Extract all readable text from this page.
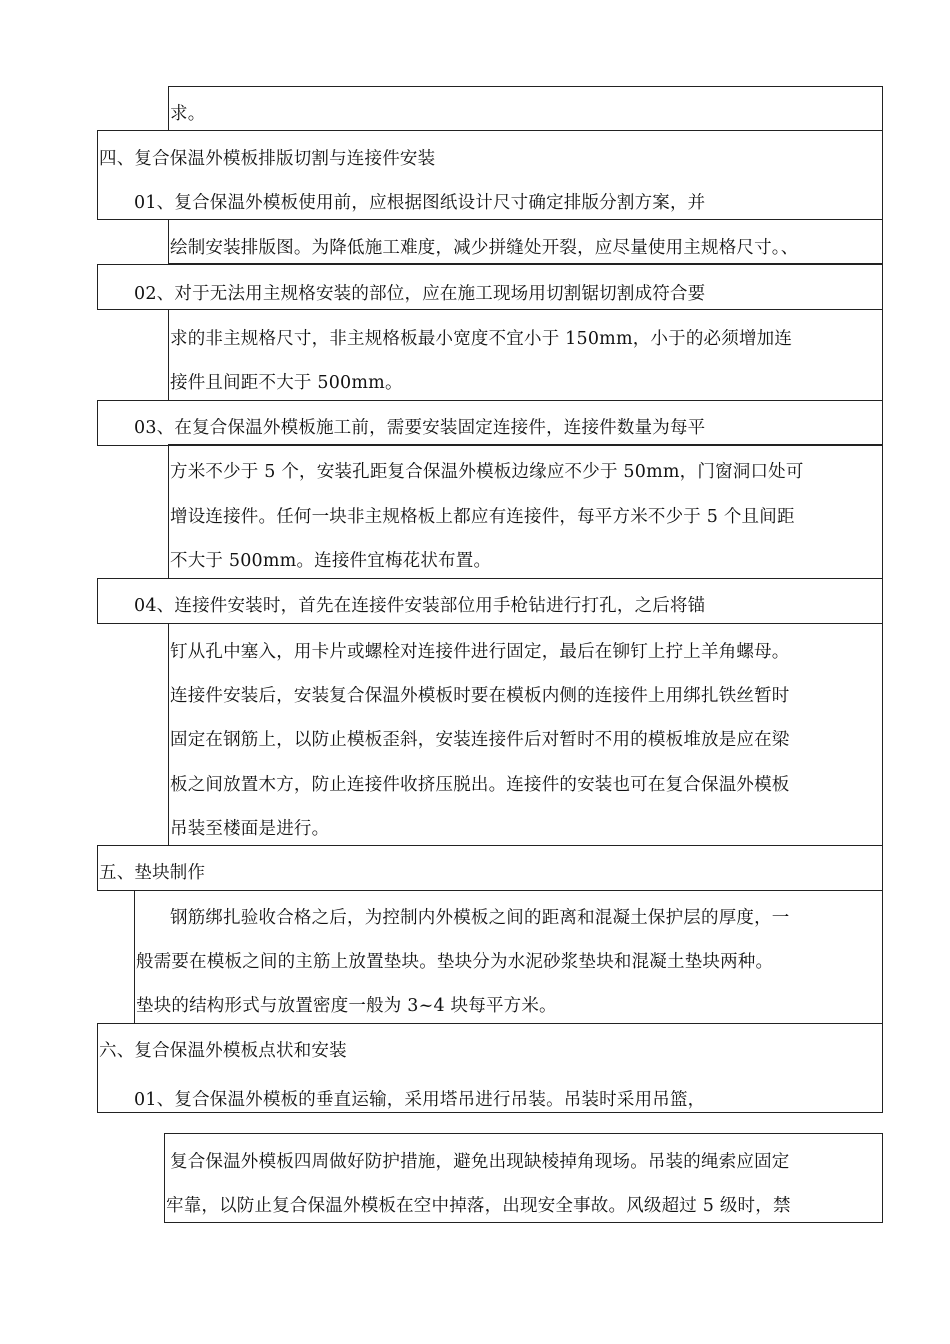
求。
四、复合保温外模板排版切割与连接件安装
01、复合保温外模板使用前，应根据图纸设计尺寸确定排版分割方案，并
绘制安装排版图。为降低施工难度，减少拼缝处开裂，应尽量使用主规格尺寸。、
02、对于无法用主规格安装的部位，应在施工现场用切割锯切割成符合要
求的非主规格尺寸，非主规格板最小宽度不宜小于 150mm，小于的必须增加连
接件且间距不大于 500mm。
03、在复合保温外模板施工前，需要安装固定连接件，连接件数量为每平
方米不少于 5 个，安装孔距复合保温外模板边缘应不少于 50mm，门窗洞口处可
增设连接件。任何一块非主规格板上都应有连接件，每平方米不少于 5 个且间距
不大于 500mm。连接件宜梅花状布置。
04、连接件安装时，首先在连接件安装部位用手枪钻进行打孔，之后将锚
钉从孔中塞入，用卡片或螺栓对连接件进行固定，最后在铆钉上拧上羊角螺母。
连接件安装后，安装复合保温外模板时要在模板内侧的连接件上用绑扎铁丝暂时
固定在钢筋上，以防止模板歪斜，安装连接件后对暂时不用的模板堆放是应在梁
板之间放置木方，防止连接件收挤压脱出。连接件的安装也可在复合保温外模板
吊装至楼面是进行。
五、垫块制作
钢筋绑扎验收合格之后，为控制内外模板之间的距离和混凝土保护层的厚度，一
般需要在模板之间的主筋上放置垫块。垫块分为水泥砂浆垫块和混凝土垫块两种。
垫块的结构形式与放置密度一般为 3~4 块每平方米。
六、复合保温外模板点状和安装
01、复合保温外模板的垂直运输，采用塔吊进行吊装。吊装时采用吊篮，
复合保温外模板四周做好防护措施，避免出现缺棱掉角现场。吊装的绳索应固定
牢靠，以防止复合保温外模板在空中掉落，出现安全事故。风级超过 5 级时，禁
